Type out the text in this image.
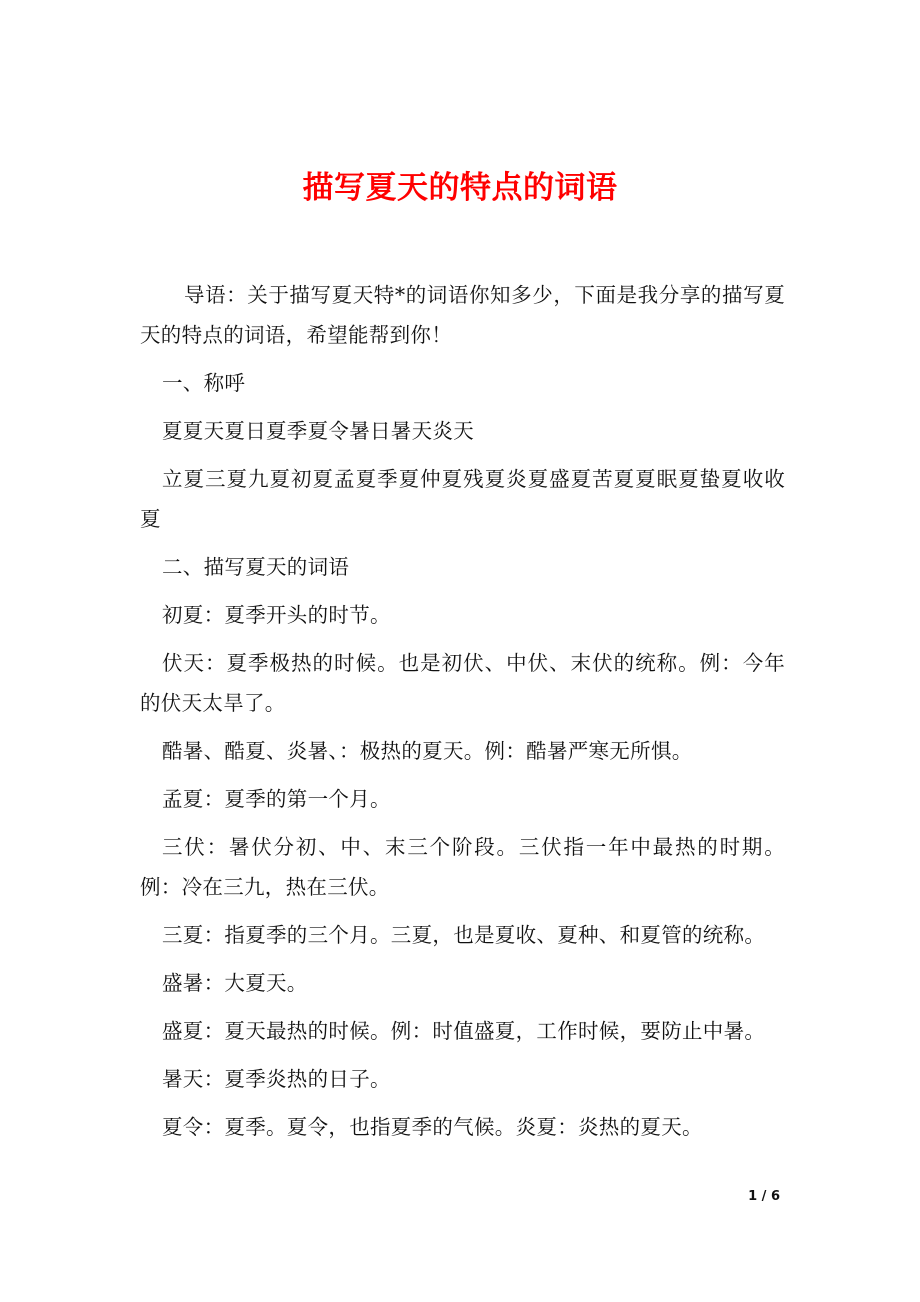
描写夏天的特点的词语

导语：关于描写夏天特*的词语你知多少，下面是我分享的描写夏天的特点的词语，希望能帮到你！

一、称呼

夏夏天夏日夏季夏令暑日暑天炎天

立夏三夏九夏初夏孟夏季夏仲夏残夏炎夏盛夏苦夏夏眠夏蛰夏收收夏

二、描写夏天的词语

初夏：夏季开头的时节。

伏天：夏季极热的时候。也是初伏、中伏、末伏的统称。例：今年的伏天太旱了。

酷暑、酷夏、炎暑、：极热的夏天。例：酷暑严寒无所惧。

孟夏：夏季的第一个月。

三伏：暑伏分初、中、末三个阶段。三伏指一年中最热的时期。例：冷在三九，热在三伏。

三夏：指夏季的三个月。三夏，也是夏收、夏种、和夏管的统称。

盛暑：大夏天。

盛夏：夏天最热的时候。例：时值盛夏，工作时候，要防止中暑。

暑天：夏季炎热的日子。

夏令：夏季。夏令，也指夏季的气候。炎夏：炎热的夏天。

1 / 6
